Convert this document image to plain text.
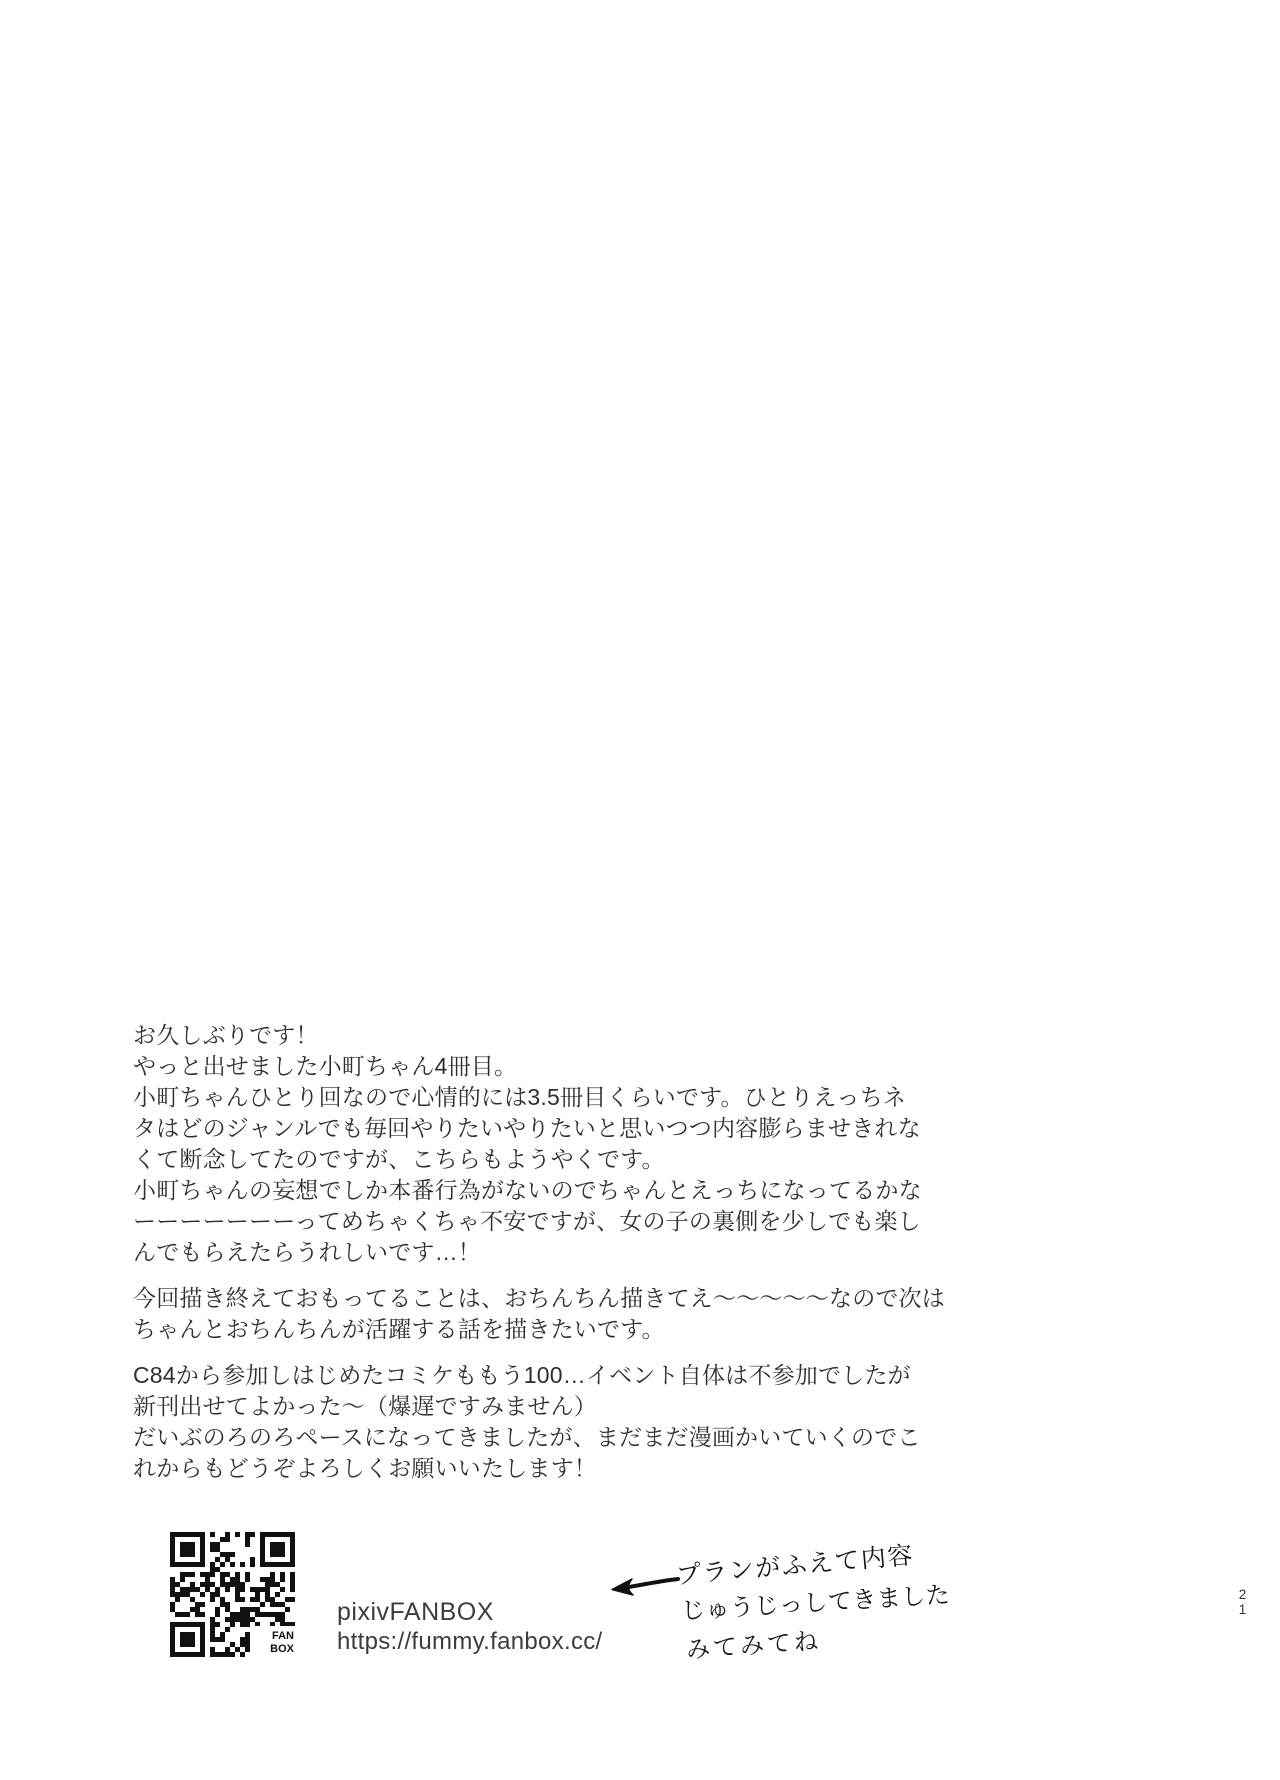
お久しぶりです！
やっと出せました小町ちゃん4冊目。
小町ちゃんひとり回なので心情的には3.5冊目くらいです。ひとりえっちネ
タはどのジャンルでも毎回やりたいやりたいと思いつつ内容膨らませきれな
くて断念してたのですが、こちらもようやくです。
小町ちゃんの妄想でしか本番行為がないのでちゃんとえっちになってるかな
ーーーーーーーってめちゃくちゃ不安ですが、女の子の裏側を少しでも楽し
んでもらえたらうれしいです…！
今回描き終えておもってることは、おちんちん描きてえ～～～～～なので次は
ちゃんとおちんちんが活躍する話を描きたいです。
C84から参加しはじめたコミケももう100…イベント自体は不参加でしたが
新刊出せてよかった～（爆遅ですみません）
だいぶのろのろペースになってきましたが、まだまだ漫画かいていくのでこ
れからもどうぞよろしくお願いいたします！
FAN
BOX
pixivFANBOX
https://fummy.fanbox.cc/
プランがふえて内容
じゅうじっしてきました
みてみてね
21
